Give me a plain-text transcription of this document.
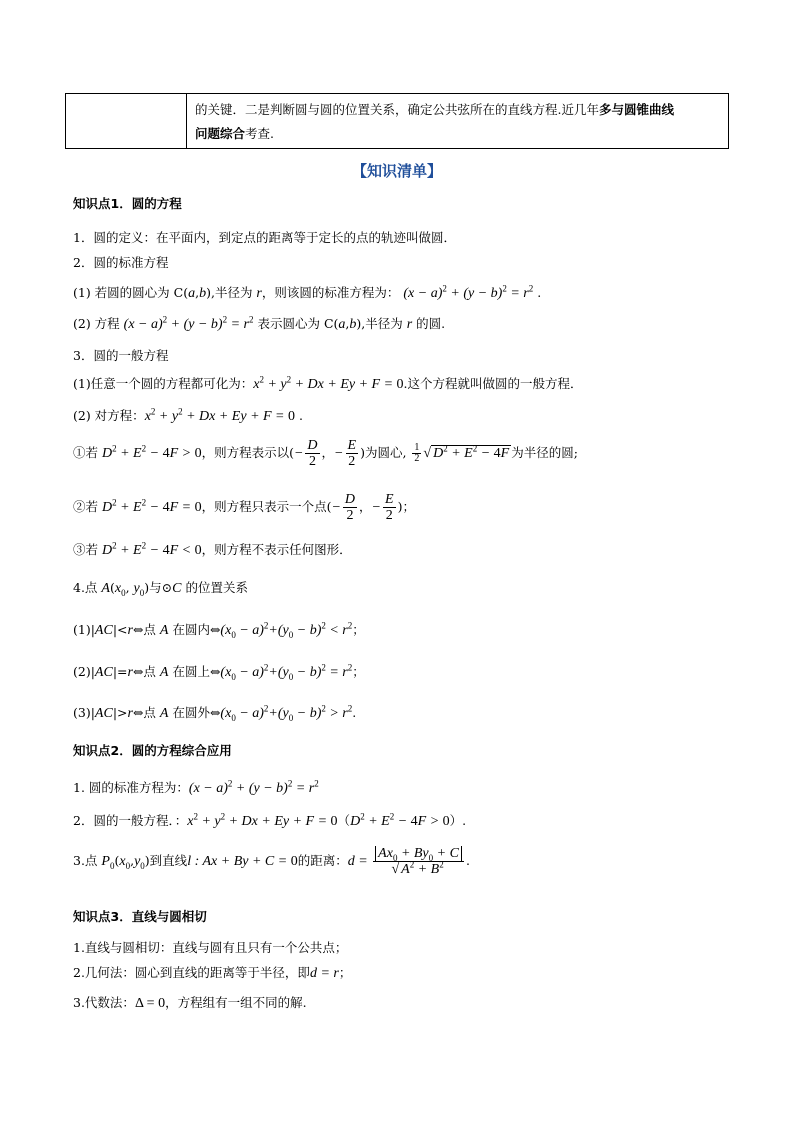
的关键．二是判断圆与圆的位置关系，确定公共弦所在的直线方程.近几年多与圆锥曲线
问题综合考查.
【知识清单】
知识点1．圆的方程
1．圆的定义：在平面内，到定点的距离等于定长的点的轨迹叫做圆．
2．圆的标准方程
(1) 若圆的圆心为 C(a,b),半径为 r，则该圆的标准方程为： $(x - a)^2 + (y - b)^2 = r^2$ .
(2) 方程 $(x - a)^2 + (y - b)^2 = r^2$ 表示圆心为 C(a,b),半径为 r 的圆.
3．圆的一般方程
(1)任意一个圆的方程都可化为：$x^2 + y^2 + Dx + Ey + F = 0$.这个方程就叫做圆的一般方程．
(2) 对方程：$x^2 + y^2 + Dx + Ey + F = 0$ .
①若 $D^2 + E^2 - 4F > 0$，则方程表示以(− $\frac{D}{2}$ ，− $\frac{E}{2}$ )为圆心, $\frac{1}{2}$ √ $D^2 + E^2 - 4F$ 为半径的圆;
②若 $D^2 + E^2 - 4F = 0$，则方程只表示一个点(− $\frac{D}{2}$ ，− $\frac{E}{2}$ )；
③若 $D^2 + E^2 - 4F < 0$，则方程不表示任何图形．
4.点 $A(x_0$, $y_0$)与⊙C 的位置关系
(1)|AC|<r⇔点 A 在圆内$\Leftrightarrow(x_0 - a)^2+(y_0 - b)^2 < r^2$；
(2)|AC|=r⇔点 A 在圆上$\Leftrightarrow(x_0 - a)^2+(y_0 - b)^2 = r^2$；
(3)|AC|>r⇔点 A 在圆外$\Leftrightarrow(x_0 - a)^2+(y_0 - b)^2 > r^2$.
知识点2．圆的方程综合应用
1. 圆的标准方程为：$(x - a)^2 + (y - b)^2 = r^2$
2．圆的一般方程．：$x^2 + y^2 + Dx + Ey + F = 0(D^2 + E^2 - 4F > 0)$.
3.点 $P_0(x_0,y_0)$到直线l : Ax + By + C = 0的距离：$d = \frac{Ax_0 + By_0 + C}{√ A^2 + B^2}$ .
知识点3．直线与圆相切
1.直线与圆相切：直线与圆有且只有一个公共点；
2.几何法：圆心到直线的距离等于半径，即d = r；
3.代数法：Δ = 0，方程组有一组不同的解.
